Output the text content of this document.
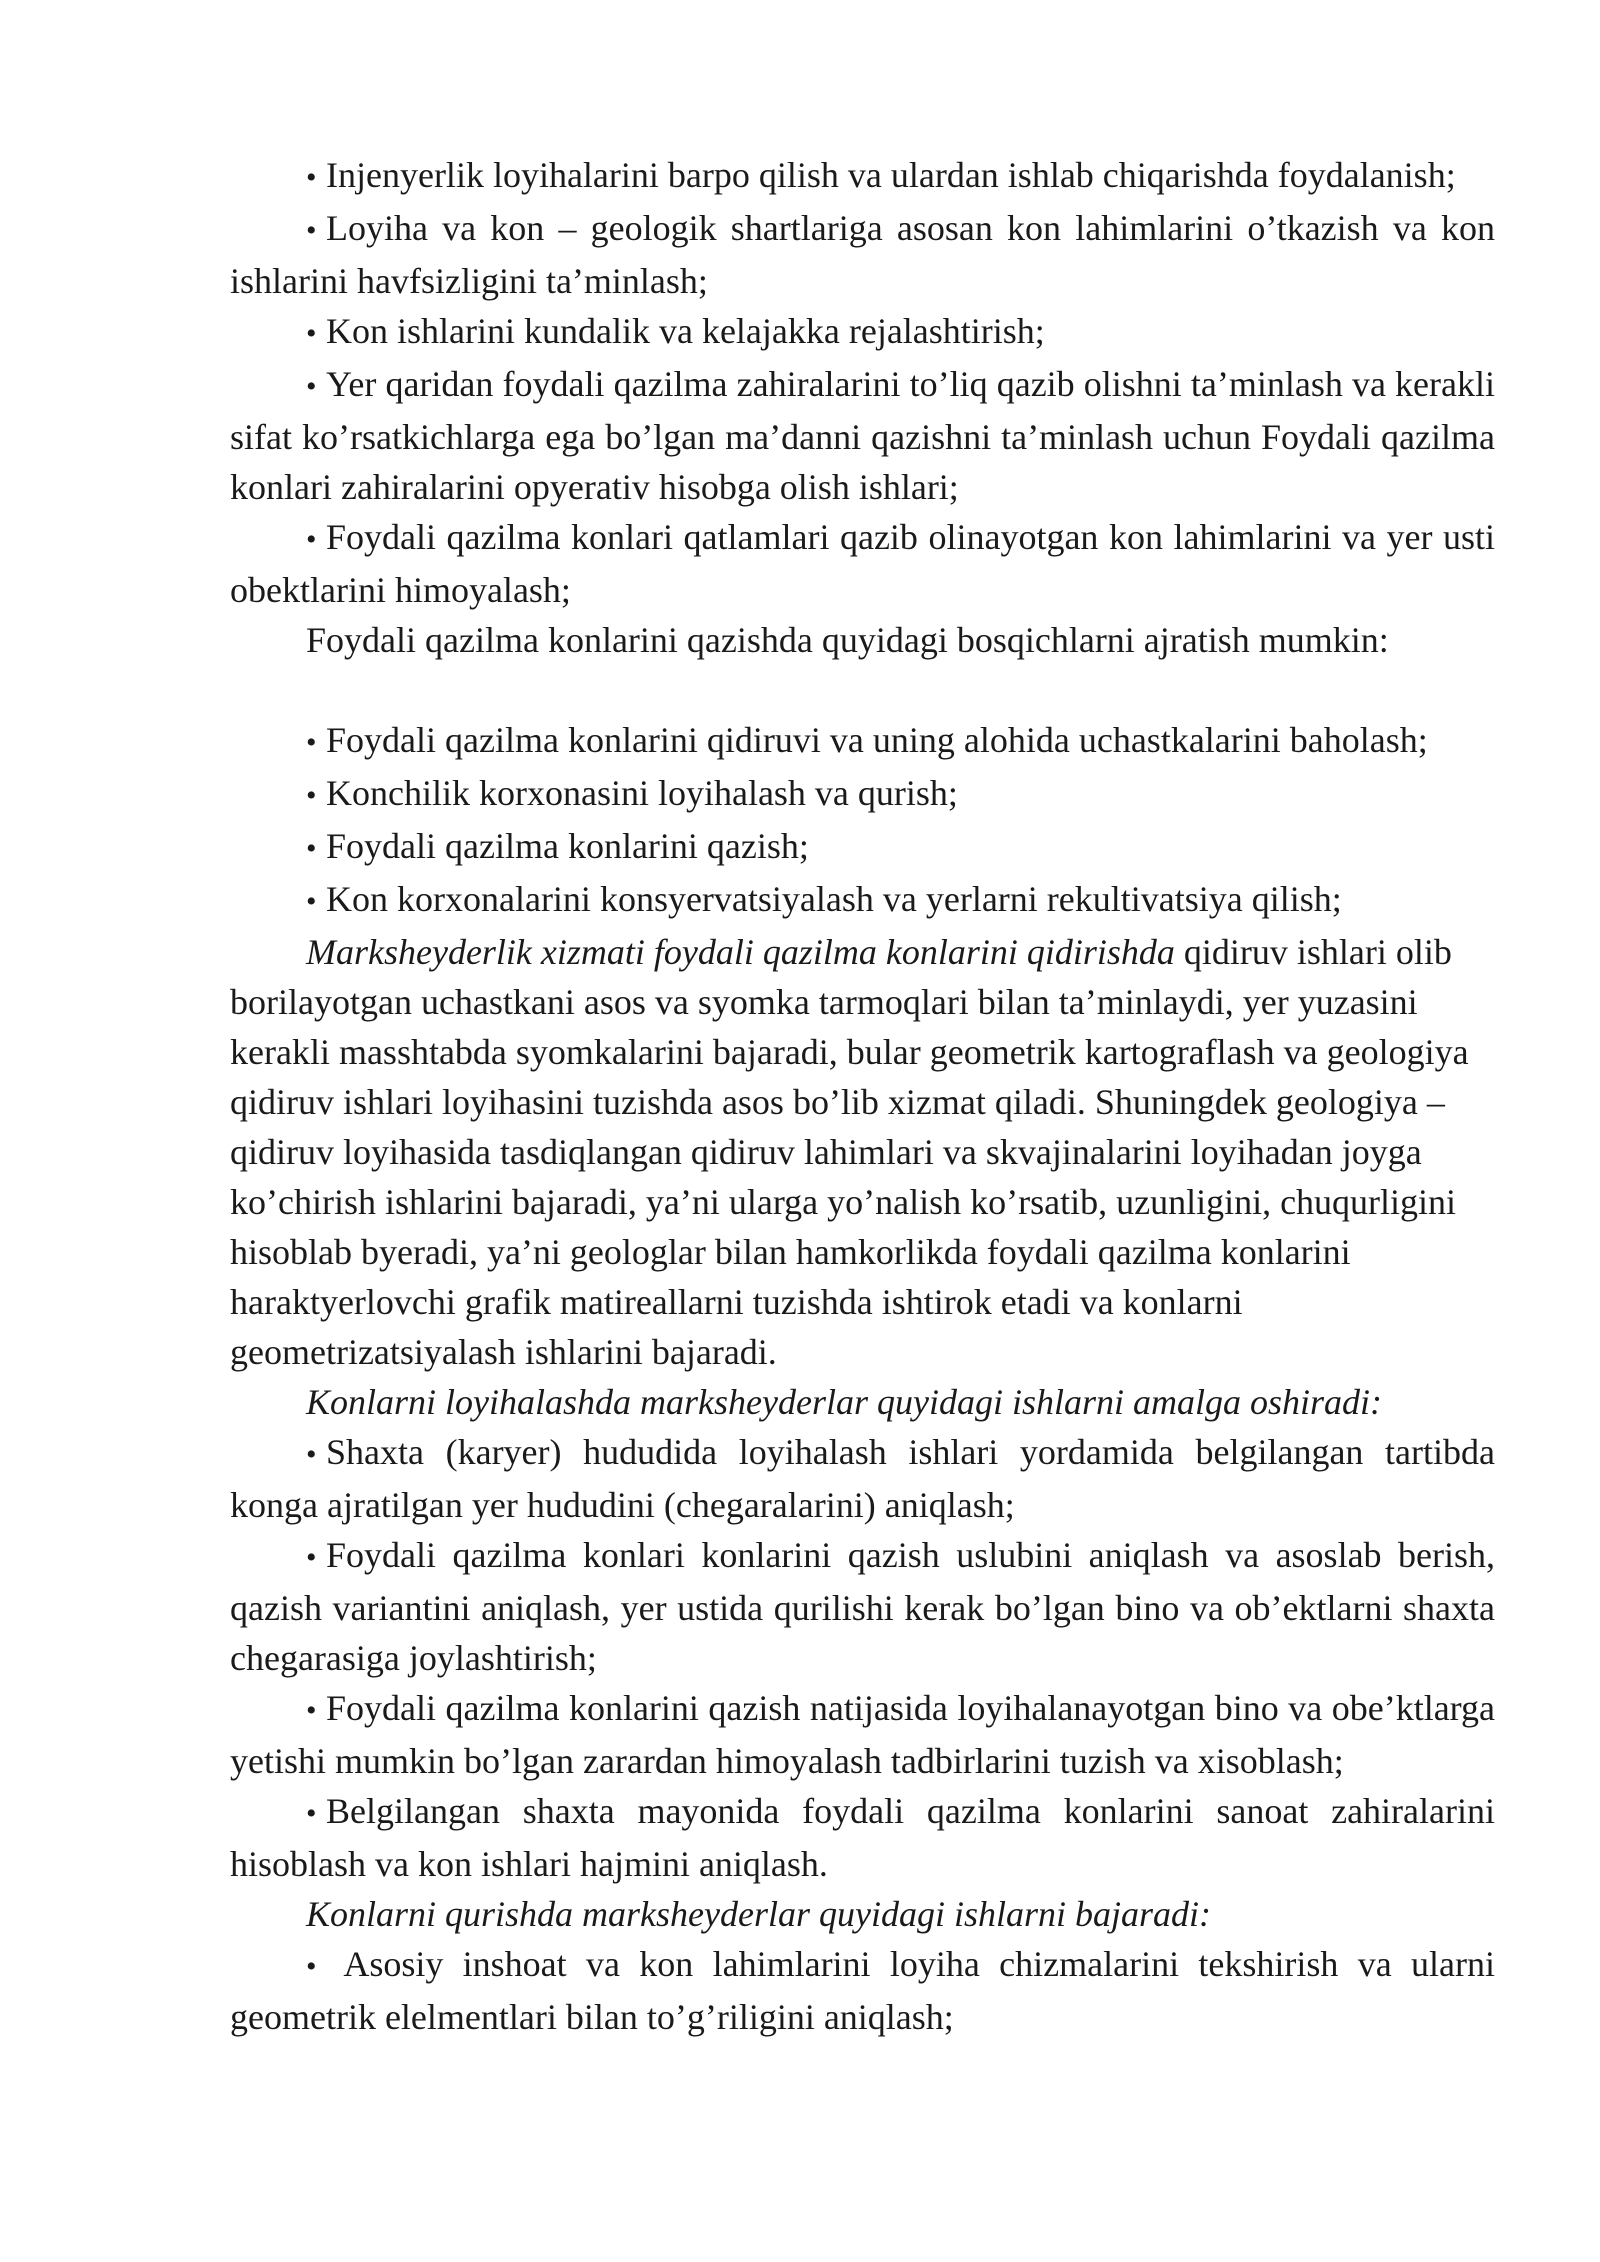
• Injenyerlik loyihalarini barpo qilish va ulardan ishlab chiqarishda foydalanish;

• Loyiha va kon – geologik shartlariga asosan kon lahimlarini o’tkazish va kon ishlarini havfsizligini ta’minlash;

• Kon ishlarini kundalik va kelajakka rejalashtirish;

• Yer qaridan foydali qazilma zahiralarini to’liq qazib olishni ta’minlash va kerakli sifat ko’rsatkichlarga ega bo’lgan ma’danni qazishni ta’minlash uchun Foydali qazilma konlari zahiralarini opyerativ hisobga olish ishlari;

• Foydali qazilma konlari qatlamlari qazib olinayotgan kon lahimlarini va yer usti obektlarini himoyalash;

Foydali qazilma konlarini qazishda quyidagi bosqichlarni ajratish mumkin:

• Foydali qazilma konlarini qidiruvi va uning alohida uchastkalarini baholash;

• Konchilik korxonasini loyihalash va qurish;

• Foydali qazilma konlarini qazish;

• Kon korxonalarini konsyervatsiyalash va yerlarni rekultivatsiya qilish;

Marksheyderlik xizmati foydali qazilma konlarini qidirishda qidiruv ishlari olib borilayotgan uchastkani asos va syomka tarmoqlari bilan ta’minlaydi, yer yuzasini kerakli masshtabda syomkalarini bajaradi, bular geometrik kartograflash va geologiya qidiruv ishlari loyihasini tuzishda asos bo’lib xizmat qiladi. Shuningdek geologiya – qidiruv loyihasida tasdiqlangan qidiruv lahimlari va skvajinalarini loyihadan joyga ko’chirish ishlarini bajaradi, ya’ni ularga yo’nalish ko’rsatib, uzunligini, chuqurligini hisoblab byeradi, ya’ni geologlar bilan hamkorlikda foydali qazilma konlarini haraktyerlovchi grafik matireallarni tuzishda ishtirok etadi va konlarni geometrizatsiyalash ishlarini bajaradi.

Konlarni loyihalashda marksheyderlar quyidagi ishlarni amalga oshiradi:

• Shaxta (karyer) hududida loyihalash ishlari yordamida belgilangan tartibda konga ajratilgan yer hududini (chegaralarini) aniqlash;

• Foydali qazilma konlari konlarini qazish uslubini aniqlash va asoslab berish, qazish variantini aniqlash, yer ustida qurilishi kerak bo’lgan bino va ob’ektlarni shaxta chegarasiga joylashtirish;

• Foydali qazilma konlarini qazish natijasida loyihalanayotgan bino va obe’ktlarga yetishi mumkin bo’lgan zarardan himoyalash tadbirlarini tuzish va xisoblash;

• Belgilangan shaxta mayonida foydali qazilma konlarini sanoat zahiralarini hisoblash va kon ishlari hajmini aniqlash.

Konlarni qurishda marksheyderlar quyidagi ishlarni bajaradi:

• Asosiy inshoat va kon lahimlarini loyiha chizmalarini tekshirish va ularni geometrik elelmentlari bilan to’g’riligini aniqlash;
